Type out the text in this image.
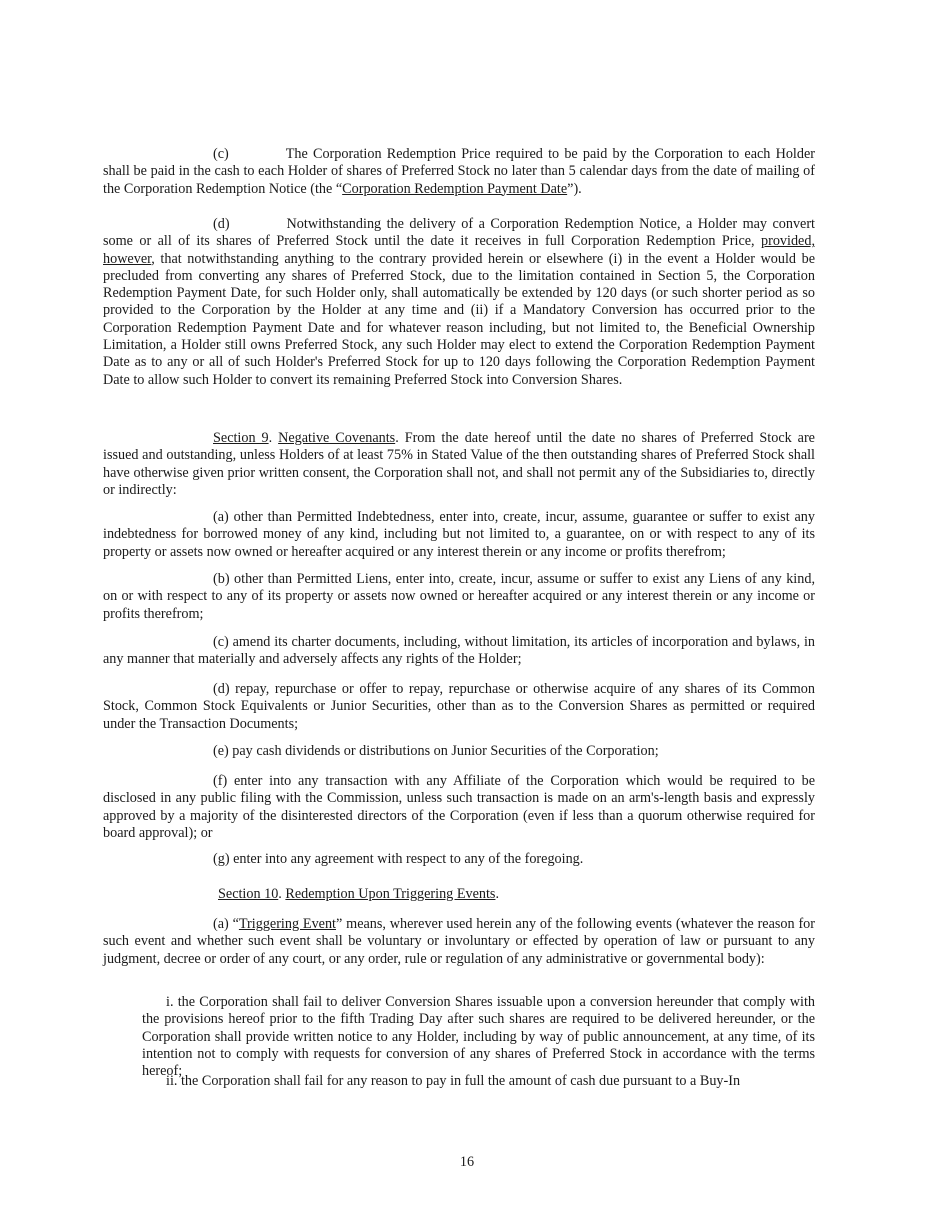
(c)	The Corporation Redemption Price required to be paid by the Corporation to each Holder shall be paid in the cash to each Holder of shares of Preferred Stock no later than 5 calendar days from the date of mailing of the Corporation Redemption Notice (the “Corporation Redemption Payment Date”).
(d)	Notwithstanding the delivery of a Corporation Redemption Notice, a Holder may convert some or all of its shares of Preferred Stock until the date it receives in full Corporation Redemption Price, provided, however, that notwithstanding anything to the contrary provided herein or elsewhere (i) in the event a Holder would be precluded from converting any shares of Preferred Stock, due to the limitation contained in Section 5, the Corporation Redemption Payment Date, for such Holder only, shall automatically be extended by 120 days (or such shorter period as so provided to the Corporation by the Holder at any time and (ii) if a Mandatory Conversion has occurred prior to the Corporation Redemption Payment Date and for whatever reason including, but not limited to, the Beneficial Ownership Limitation, a Holder still owns Preferred Stock, any such Holder may elect to extend the Corporation Redemption Payment Date as to any or all of such Holder's Preferred Stock for up to 120 days following the Corporation Redemption Payment Date to allow such Holder to convert its remaining Preferred Stock into Conversion Shares.
Section 9. Negative Covenants. From the date hereof until the date no shares of Preferred Stock are issued and outstanding, unless Holders of at least 75% in Stated Value of the then outstanding shares of Preferred Stock shall have otherwise given prior written consent, the Corporation shall not, and shall not permit any of the Subsidiaries to, directly or indirectly:
(a) other than Permitted Indebtedness, enter into, create, incur, assume, guarantee or suffer to exist any indebtedness for borrowed money of any kind, including but not limited to, a guarantee, on or with respect to any of its property or assets now owned or hereafter acquired or any interest therein or any income or profits therefrom;
(b) other than Permitted Liens, enter into, create, incur, assume or suffer to exist any Liens of any kind, on or with respect to any of its property or assets now owned or hereafter acquired or any interest therein or any income or profits therefrom;
(c) amend its charter documents, including, without limitation, its articles of incorporation and bylaws, in any manner that materially and adversely affects any rights of the Holder;
(d) repay, repurchase or offer to repay, repurchase or otherwise acquire of any shares of its Common Stock, Common Stock Equivalents or Junior Securities, other than as to the Conversion Shares as permitted or required under the Transaction Documents;
(e) pay cash dividends or distributions on Junior Securities of the Corporation;
(f) enter into any transaction with any Affiliate of the Corporation which would be required to be disclosed in any public filing with the Commission, unless such transaction is made on an arm's-length basis and expressly approved by a majority of the disinterested directors of the Corporation (even if less than a quorum otherwise required for board approval); or
(g) enter into any agreement with respect to any of the foregoing.
Section 10. Redemption Upon Triggering Events.
(a) “Triggering Event” means, wherever used herein any of the following events (whatever the reason for such event and whether such event shall be voluntary or involuntary or effected by operation of law or pursuant to any judgment, decree or order of any court, or any order, rule or regulation of any administrative or governmental body):
i. the Corporation shall fail to deliver Conversion Shares issuable upon a conversion hereunder that comply with the provisions hereof prior to the fifth Trading Day after such shares are required to be delivered hereunder, or the Corporation shall provide written notice to any Holder, including by way of public announcement, at any time, of its intention not to comply with requests for conversion of any shares of Preferred Stock in accordance with the terms hereof;
ii. the Corporation shall fail for any reason to pay in full the amount of cash due pursuant to a Buy-In
16
